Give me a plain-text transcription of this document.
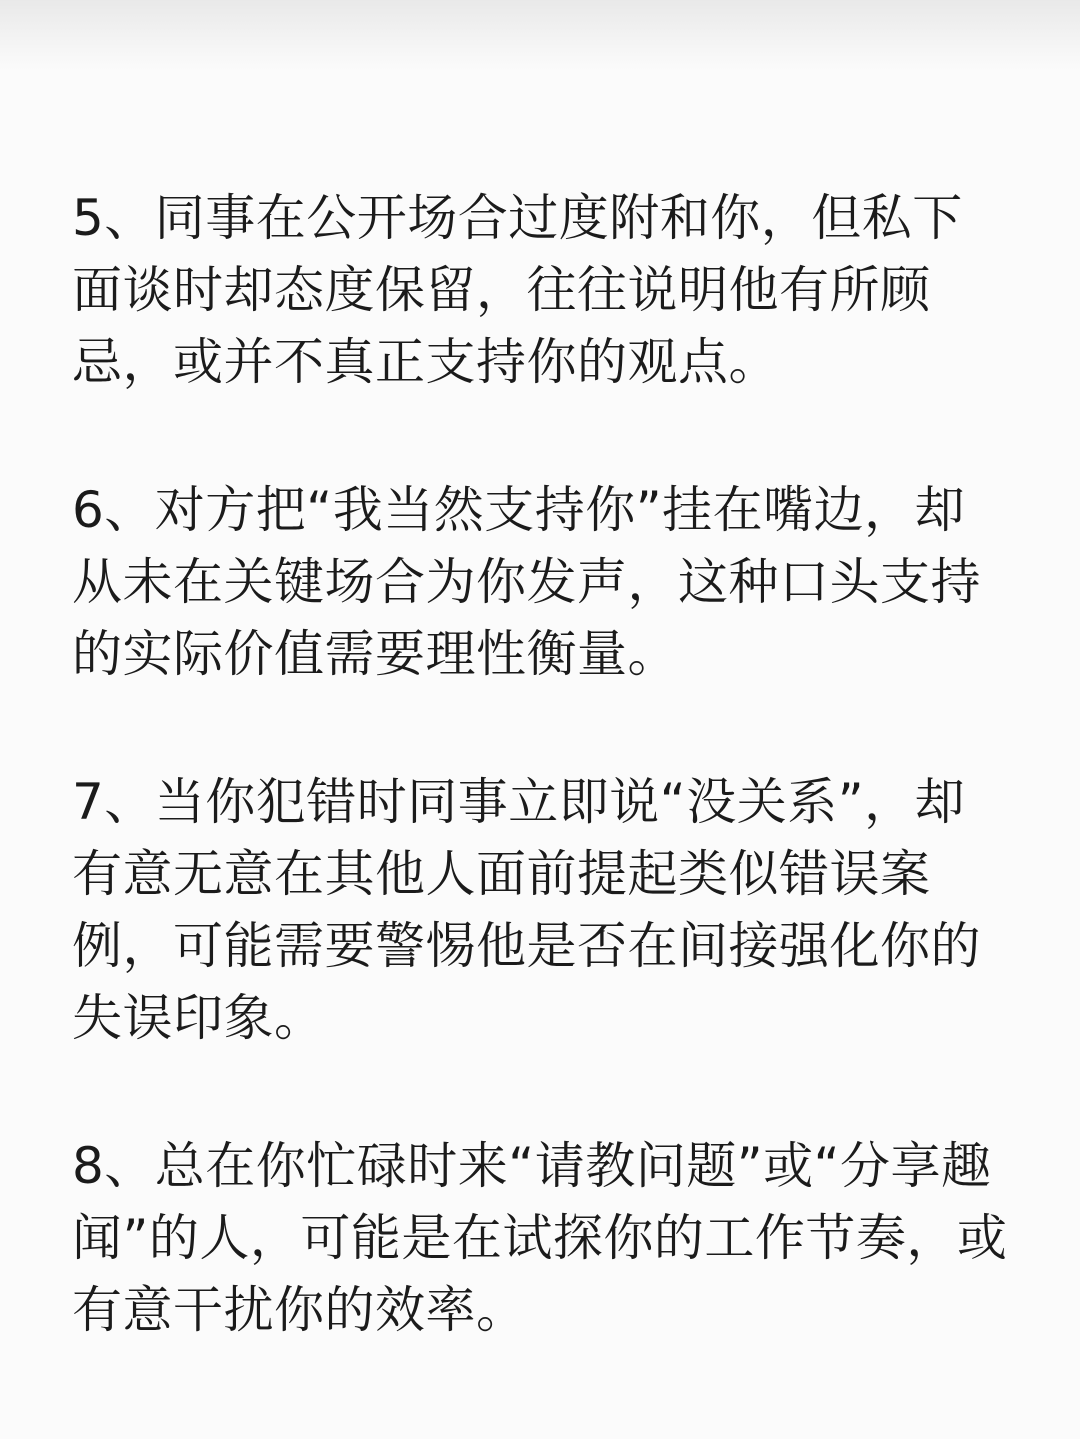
5、同事在公开场合过度附和你，但私下面谈时却态度保留，往往说明他有所顾忌，或并不真正支持你的观点。

6、对方把“我当然支持你”挂在嘴边，却从未在关键场合为你发声，这种口头支持的实际价值需要理性衡量。

7、当你犯错时同事立即说“没关系”，却有意无意在其他人面前提起类似错误案例，可能需要警惕他是否在间接强化你的失误印象。

8、总在你忙碌时来“请教问题”或“分享趣闻”的人，可能是在试探你的工作节奏，或有意干扰你的效率。
